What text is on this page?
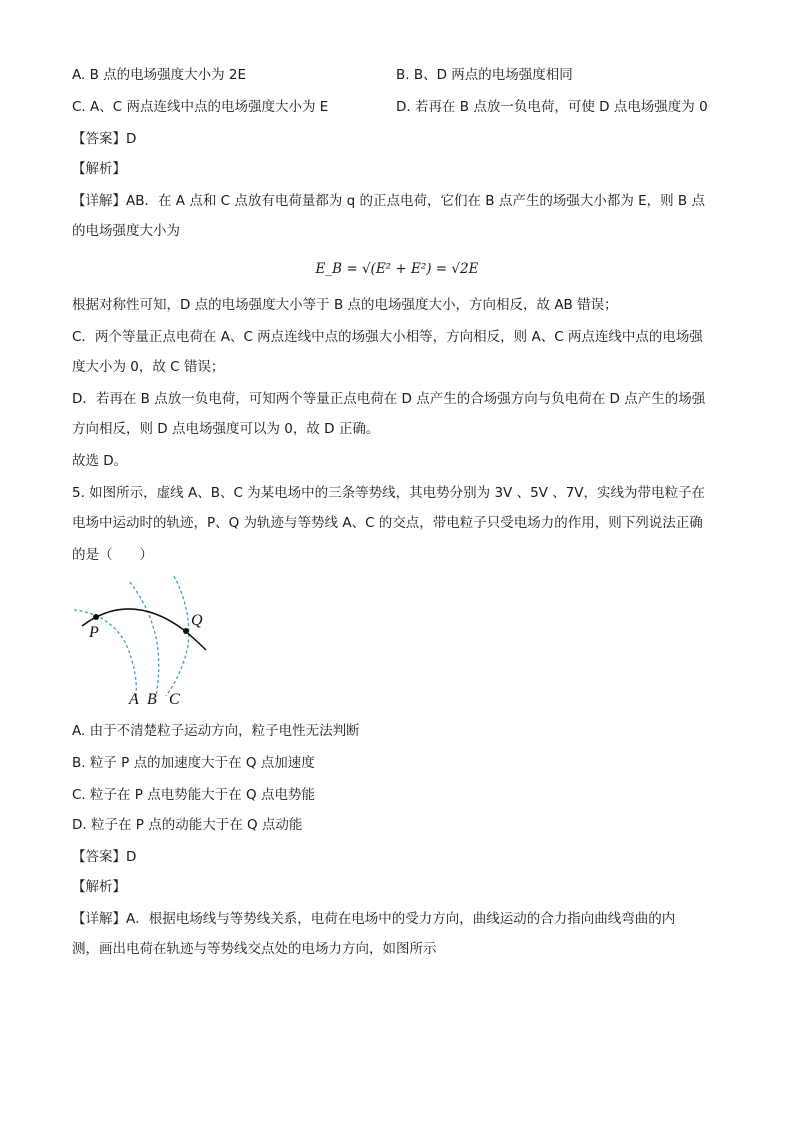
A. B 点的电场强度大小为 2E	B. B、D 两点的电场强度相同
C. A、C 两点连线中点的电场强度大小为 E	D. 若再在 B 点放一负电荷，可使 D 点电场强度为 0
【答案】D
【解析】
【详解】AB．在 A 点和 C 点放有电荷量都为 q 的正点电荷，它们在 B 点产生的场强大小都为 E，则 B 点
的电场强度大小为
E_B = √(E² + E²) = √2E
根据对称性可知，D 点的电场强度大小等于 B 点的电场强度大小，方向相反，故 AB 错误；
C．两个等量正点电荷在 A、C 两点连线中点的场强大小相等，方向相反，则 A、C 两点连线中点的电场强
度大小为 0，故 C 错误；
D．若再在 B 点放一负电荷，可知两个等量正点电荷在 D 点产生的合场强方向与负电荷在 D 点产生的场强
方向相反，则 D 点电场强度可以为 0，故 D 正确。
故选 D。
5. 如图所示，虚线 A、B、C 为某电场中的三条等势线，其电势分别为 3V 、5V 、7V，实线为带电粒子在
电场中运动时的轨迹，P、Q 为轨迹与等势线 A、C 的交点，带电粒子只受电场力的作用，则下列说法正确
的是（　　）
P
Q
A B C
A. 由于不清楚粒子运动方向，粒子电性无法判断
B. 粒子 P 点的加速度大于在 Q 点加速度
C. 粒子在 P 点电势能大于在 Q 点电势能
D. 粒子在 P 点的动能大于在 Q 点动能
【答案】D
【解析】
【详解】A．根据电场线与等势线关系，电荷在电场中的受力方向，曲线运动的合力指向曲线弯曲的内
测，画出电荷在轨迹与等势线交点处的电场力方向，如图所示
